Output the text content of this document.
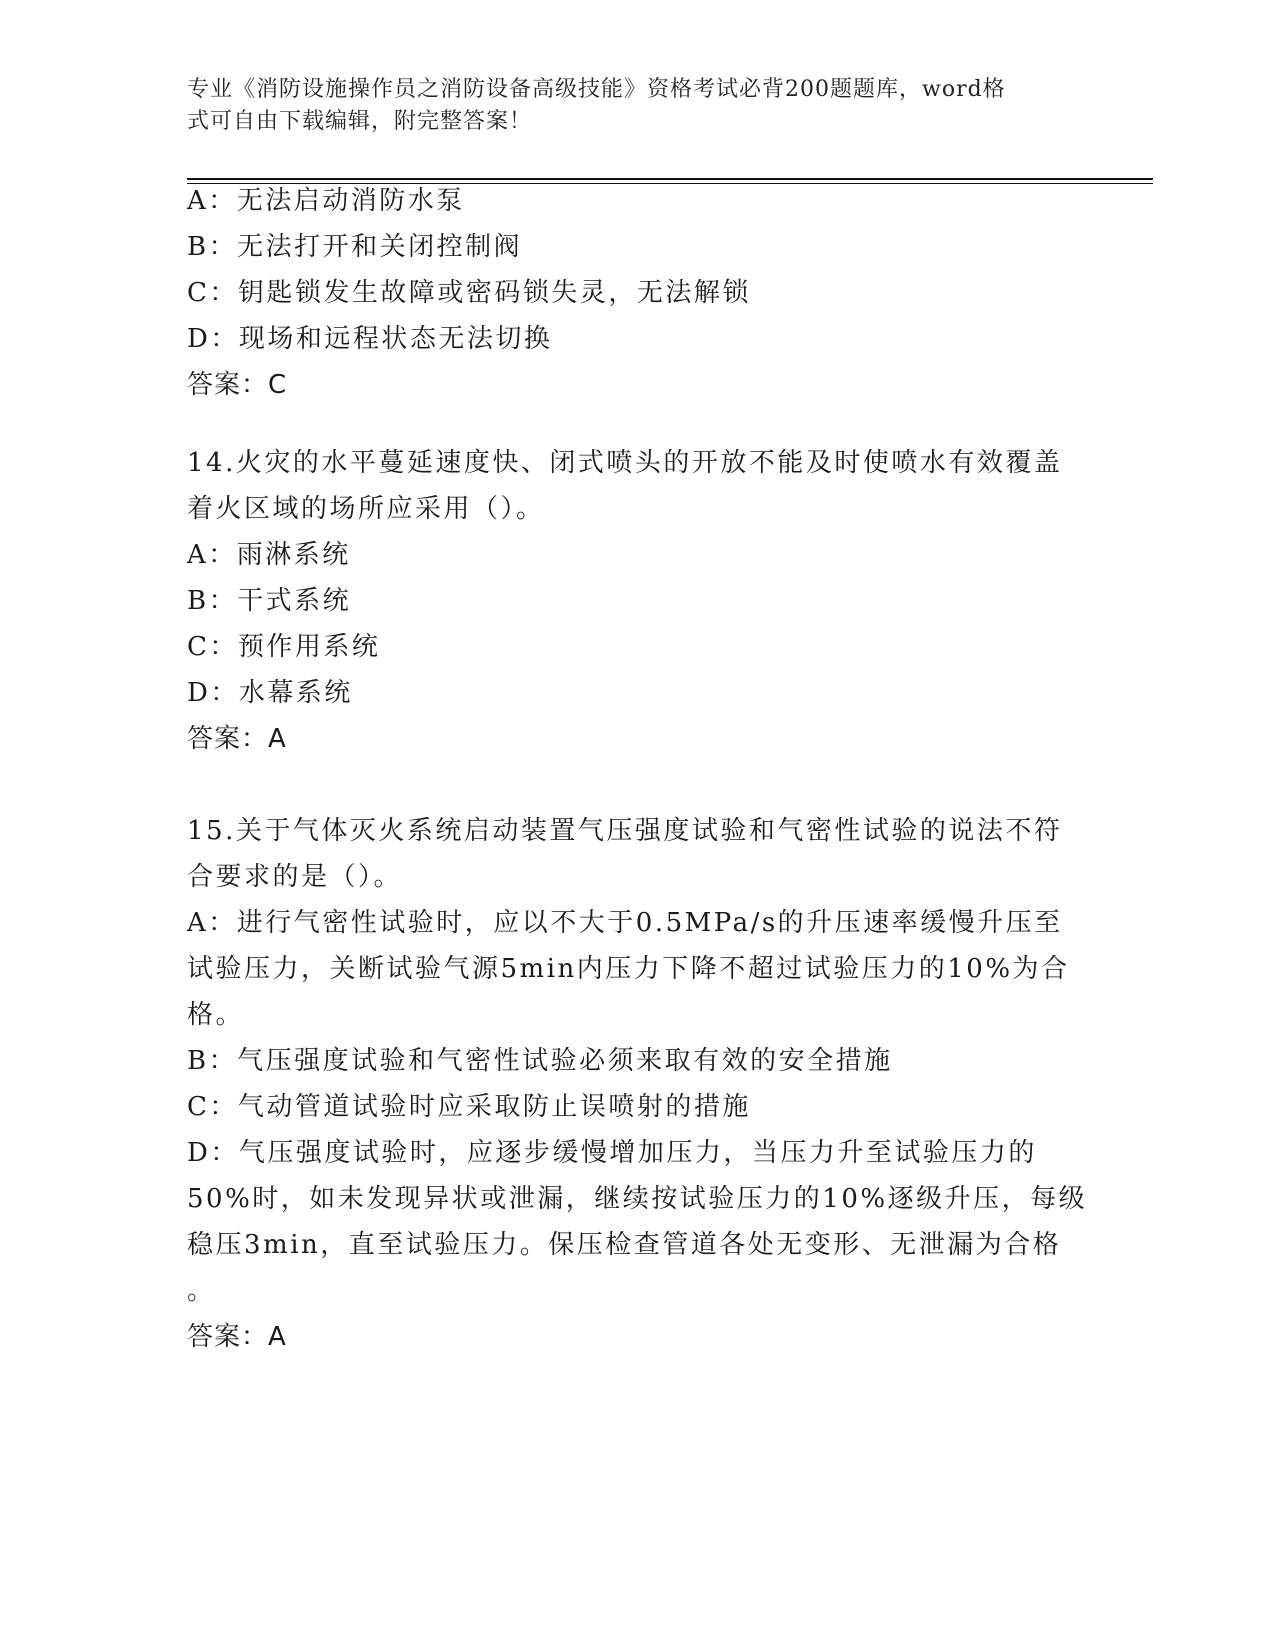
专业《消防设施操作员之消防设备高级技能》资格考试必背200题题库，word格
式可自由下载编辑，附完整答案！
A：无法启动消防水泵
B：无法打开和关闭控制阀
C：钥匙锁发生故障或密码锁失灵，无法解锁
D：现场和远程状态无法切换
答案：C
14.火灾的水平蔓延速度快、闭式喷头的开放不能及时使喷水有效覆盖
着火区域的场所应采用（）。
A：雨淋系统
B：干式系统
C：预作用系统
D：水幕系统
答案：A
15.关于气体灭火系统启动装置气压强度试验和气密性试验的说法不符
合要求的是（）。
A：进行气密性试验时，应以不大于0.5MPa/s的升压速率缓慢升压至
试验压力，关断试验气源5min内压力下降不超过试验压力的10%为合
格。
B：气压强度试验和气密性试验必须来取有效的安全措施
C：气动管道试验时应采取防止误喷射的措施
D：气压强度试验时，应逐步缓慢增加压力，当压力升至试验压力的
50%时，如未发现异状或泄漏，继续按试验压力的10%逐级升压，每级
稳压3min，直至试验压力。保压检查管道各处无变形、无泄漏为合格
。
答案：A
